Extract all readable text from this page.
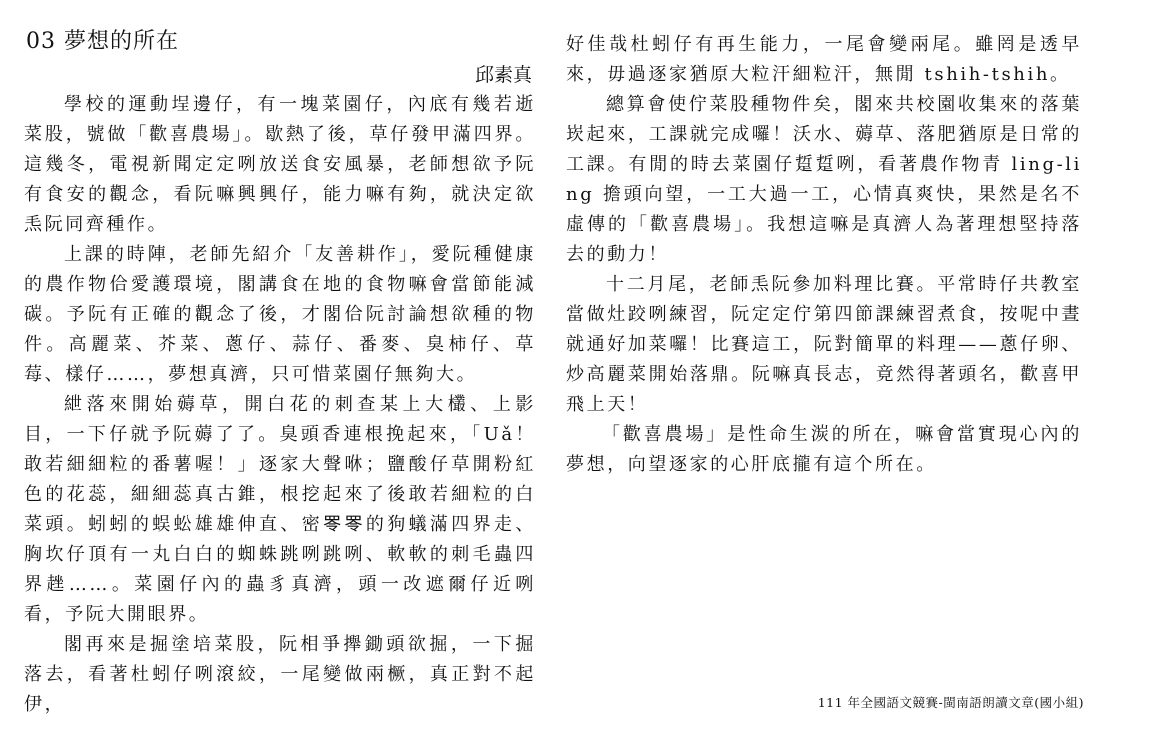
03 夢想的所在
邱素真

學校的運動埕邊仔，有一塊菜園仔，內底有幾若逝菜股，號做「歡喜農場」。歇熱了後，草仔發甲滿四界。這幾冬，電視新聞定定咧放送食安風暴，老師想欲予阮有食安的觀念，看阮嘛興興仔，能力嘛有夠，就決定欲𤆬阮同齊種作。

上課的時陣，老師先紹介「友善耕作」，愛阮種健康的農作物佮愛護環境，閣講食在地的食物嘛會當節能減碳。予阮有正確的觀念了後，才閣佮阮討論想欲種的物件。高麗菜、芥菜、蔥仔、蒜仔、番麥、臭柿仔、草莓、樣仔……，夢想真濟，只可惜菜園仔無夠大。

紲落來開始薅草，開白花的刺查某上大欉、上影目，一下仔就予阮薅了了。臭頭香連根挽起來，「Uǎ！敢若細細粒的番薯喔！」逐家大聲咻；鹽酸仔草開粉紅色的花蕊，細細蕊真古錐，根挖起來了後敢若細粒的白菜頭。蚓蚓的蜈蚣雄雄伸直、密𦊓𦊓的狗蟻滿四界走、胸坎仔頂有一丸白白的蜘蛛跳咧跳咧、軟軟的刺毛蟲四界趖……。菜園仔內的蟲豸真濟，頭一改遮爾仔近咧看，予阮大開眼界。

閣再來是掘塗培菜股，阮相爭攑鋤頭欲掘，一下掘落去，看著杜蚓仔咧滾絞，一尾變做兩橛，真正對不起伊，

好佳哉杜蚓仔有再生能力，一尾會變兩尾。雖罔是透早來，毋過逐家猶原大粒汗細粒汗，無閒 tshih-tshih。

總算會使佇菜股種物件矣，閣來共校園收集來的落葉崁起來，工課就完成囉！沃水、薅草、落肥猶原是日常的工課。有閒的時去菜園仔踅踅咧，看著農作物青 ling-ling 擔頭向望，一工大過一工，心情真爽快，果然是名不虛傳的「歡喜農場」。我想這嘛是真濟人為著理想堅持落去的動力！

十二月尾，老師𤆬阮參加料理比賽。平常時仔共教室當做灶跤咧練習，阮定定佇第四節課練習煮食，按呢中晝就通好加菜囉！比賽這工，阮對簡單的料理——蔥仔卵、炒高麗菜開始落鼎。阮嘛真長志，竟然得著頭名，歡喜甲飛上天！

「歡喜農場」是性命生湠的所在，嘛會當實現心內的夢想，向望逐家的心肝底攏有這个所在。

111 年全國語文競賽-閩南語朗讀文章(國小組)
